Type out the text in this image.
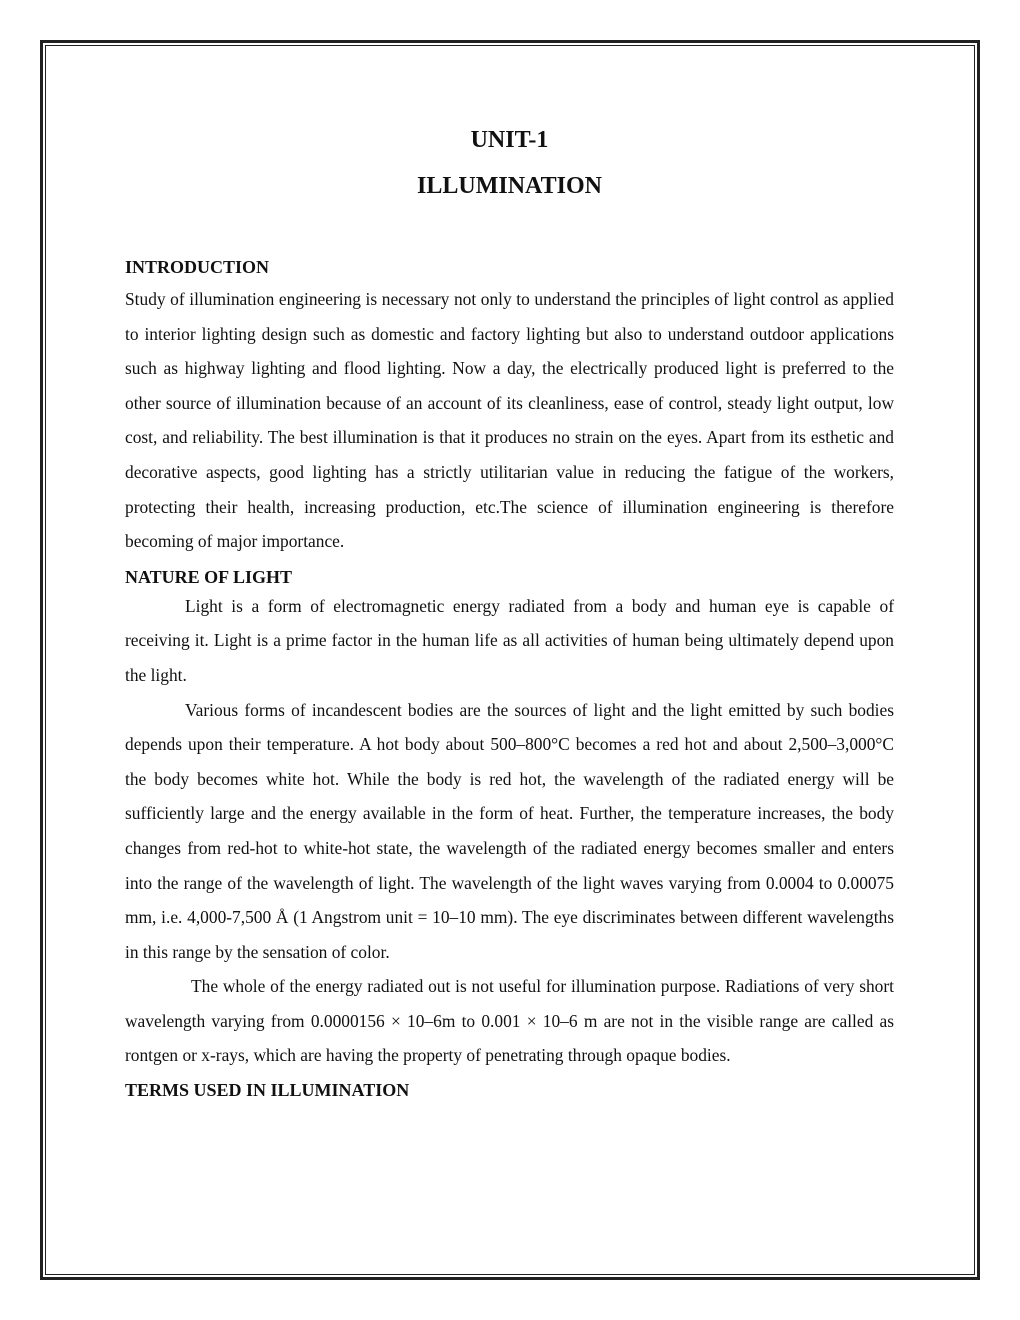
UNIT-1
ILLUMINATION
INTRODUCTION

Study of illumination engineering is necessary not only to understand the principles of light control as applied to interior lighting design such as domestic and factory lighting but also to understand outdoor applications such as highway lighting and flood lighting. Now a day, the electrically produced light is preferred to the other source of illumination because of an account of its cleanliness, ease of control, steady light output, low cost, and reliability. The best illumination is that it produces no strain on the eyes. Apart from its esthetic and decorative aspects, good lighting has a strictly utilitarian value in reducing the fatigue of the workers, protecting their health, increasing production, etc.The science of illumination engineering is therefore becoming of major importance.

NATURE OF LIGHT

Light is a form of electromagnetic energy radiated from a body and human eye is capable of receiving it. Light is a prime factor in the human life as all activities of human being ultimately depend upon the light.

Various forms of incandescent bodies are the sources of light and the light emitted by such bodies depends upon their temperature. A hot body about 500–800°C becomes a red hot and about 2,500–3,000°C the body becomes white hot. While the body is red hot, the wavelength of the radiated energy will be sufficiently large and the energy available in the form of heat. Further, the temperature increases, the body changes from red-hot to white-hot state, the wavelength of the radiated energy becomes smaller and enters into the range of the wavelength of light. The wavelength of the light waves varying from 0.0004 to 0.00075 mm, i.e. 4,000-7,500 Å (1 Angstrom unit = 10–10 mm). The eye discriminates between different wavelengths in this range by the sensation of color.

The whole of the energy radiated out is not useful for illumination purpose. Radiations of very short wavelength varying from 0.0000156 × 10–6m to 0.001 × 10–6 m are not in the visible range are called as rontgen or x-rays, which are having the property of penetrating through opaque bodies.

TERMS USED IN ILLUMINATION
